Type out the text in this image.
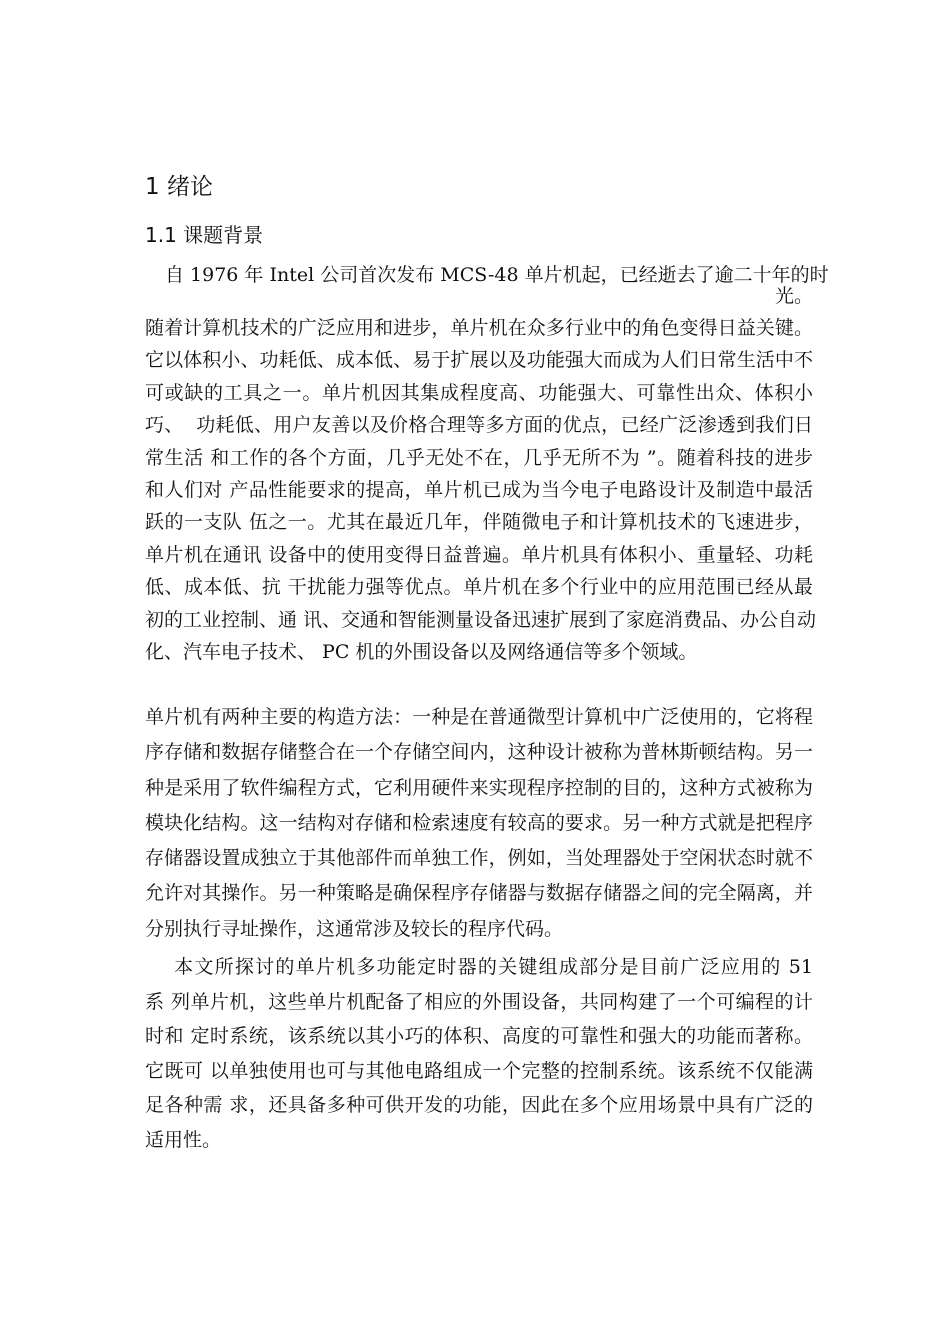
1 绪论
1.1 课题背景
自 1976 年 Intel 公司首次发布 MCS-48 单片机起，已经逝去了逾二十年的时
光。
随着计算机技术的广泛应用和进步，单片机在众多行业中的角色变得日益关键。
它以体积小、功耗低、成本低、易于扩展以及功能强大而成为人们日常生活中不
可或缺的工具之一。单片机因其集成程度高、功能强大、可靠性出众、体积小
巧、  功耗低、用户友善以及价格合理等多方面的优点，已经广泛渗透到我们日
常生活 和工作的各个方面，几乎无处不在，几乎无所不为 ”。随着科技的进步
和人们对 产品性能要求的提高，单片机已成为当今电子电路设计及制造中最活
跃的一支队 伍之一。尤其在最近几年，伴随微电子和计算机技术的飞速进步，
单片机在通讯 设备中的使用变得日益普遍。单片机具有体积小、重量轻、功耗
低、成本低、抗 干扰能力强等优点。单片机在多个行业中的应用范围已经从最
初的工业控制、通 讯、交通和智能测量设备迅速扩展到了家庭消费品、办公自动
化、汽车电子技术、 PC 机的外围设备以及网络通信等多个领域。
单片机有两种主要的构造方法：一种是在普通微型计算机中广泛使用的，它将程
序存储和数据存储整合在一个存储空间内，这种设计被称为普林斯顿结构。另一
种是采用了软件编程方式，它利用硬件来实现程序控制的目的，这种方式被称为
模块化结构。这一结构对存储和检索速度有较高的要求。另一种方式就是把程序
存储器设置成独立于其他部件而单独工作，例如，当处理器处于空闲状态时就不
允许对其操作。另一种策略是确保程序存储器与数据存储器之间的完全隔离，并
分别执行寻址操作，这通常涉及较长的程序代码。
本文所探讨的单片机多功能定时器的关键组成部分是目前广泛应用的 51
系 列单片机，这些单片机配备了相应的外围设备，共同构建了一个可编程的计
时和 定时系统，该系统以其小巧的体积、高度的可靠性和强大的功能而著称。
它既可 以单独使用也可与其他电路组成一个完整的控制系统。该系统不仅能满
足各种需 求，还具备多种可供开发的功能，因此在多个应用场景中具有广泛的
适用性。
